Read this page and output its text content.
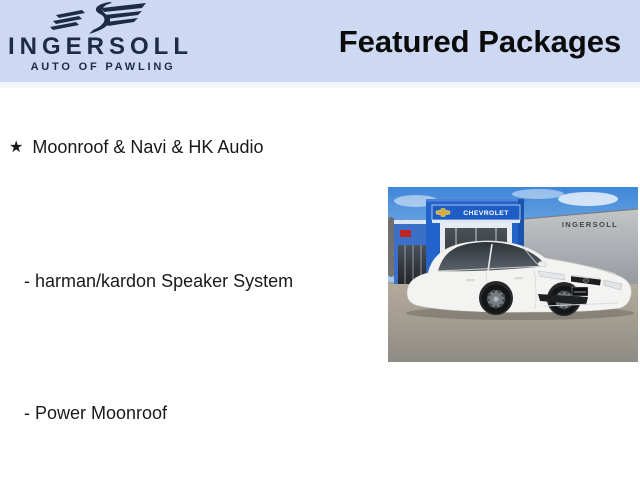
INGERSOLL
AUTO OF PAWLING
Featured Packages
★ Moonroof & Navi & HK Audio
- harman/kardon Speaker System
- Power Moonroof
INGERSOLL
CHEVROLET
